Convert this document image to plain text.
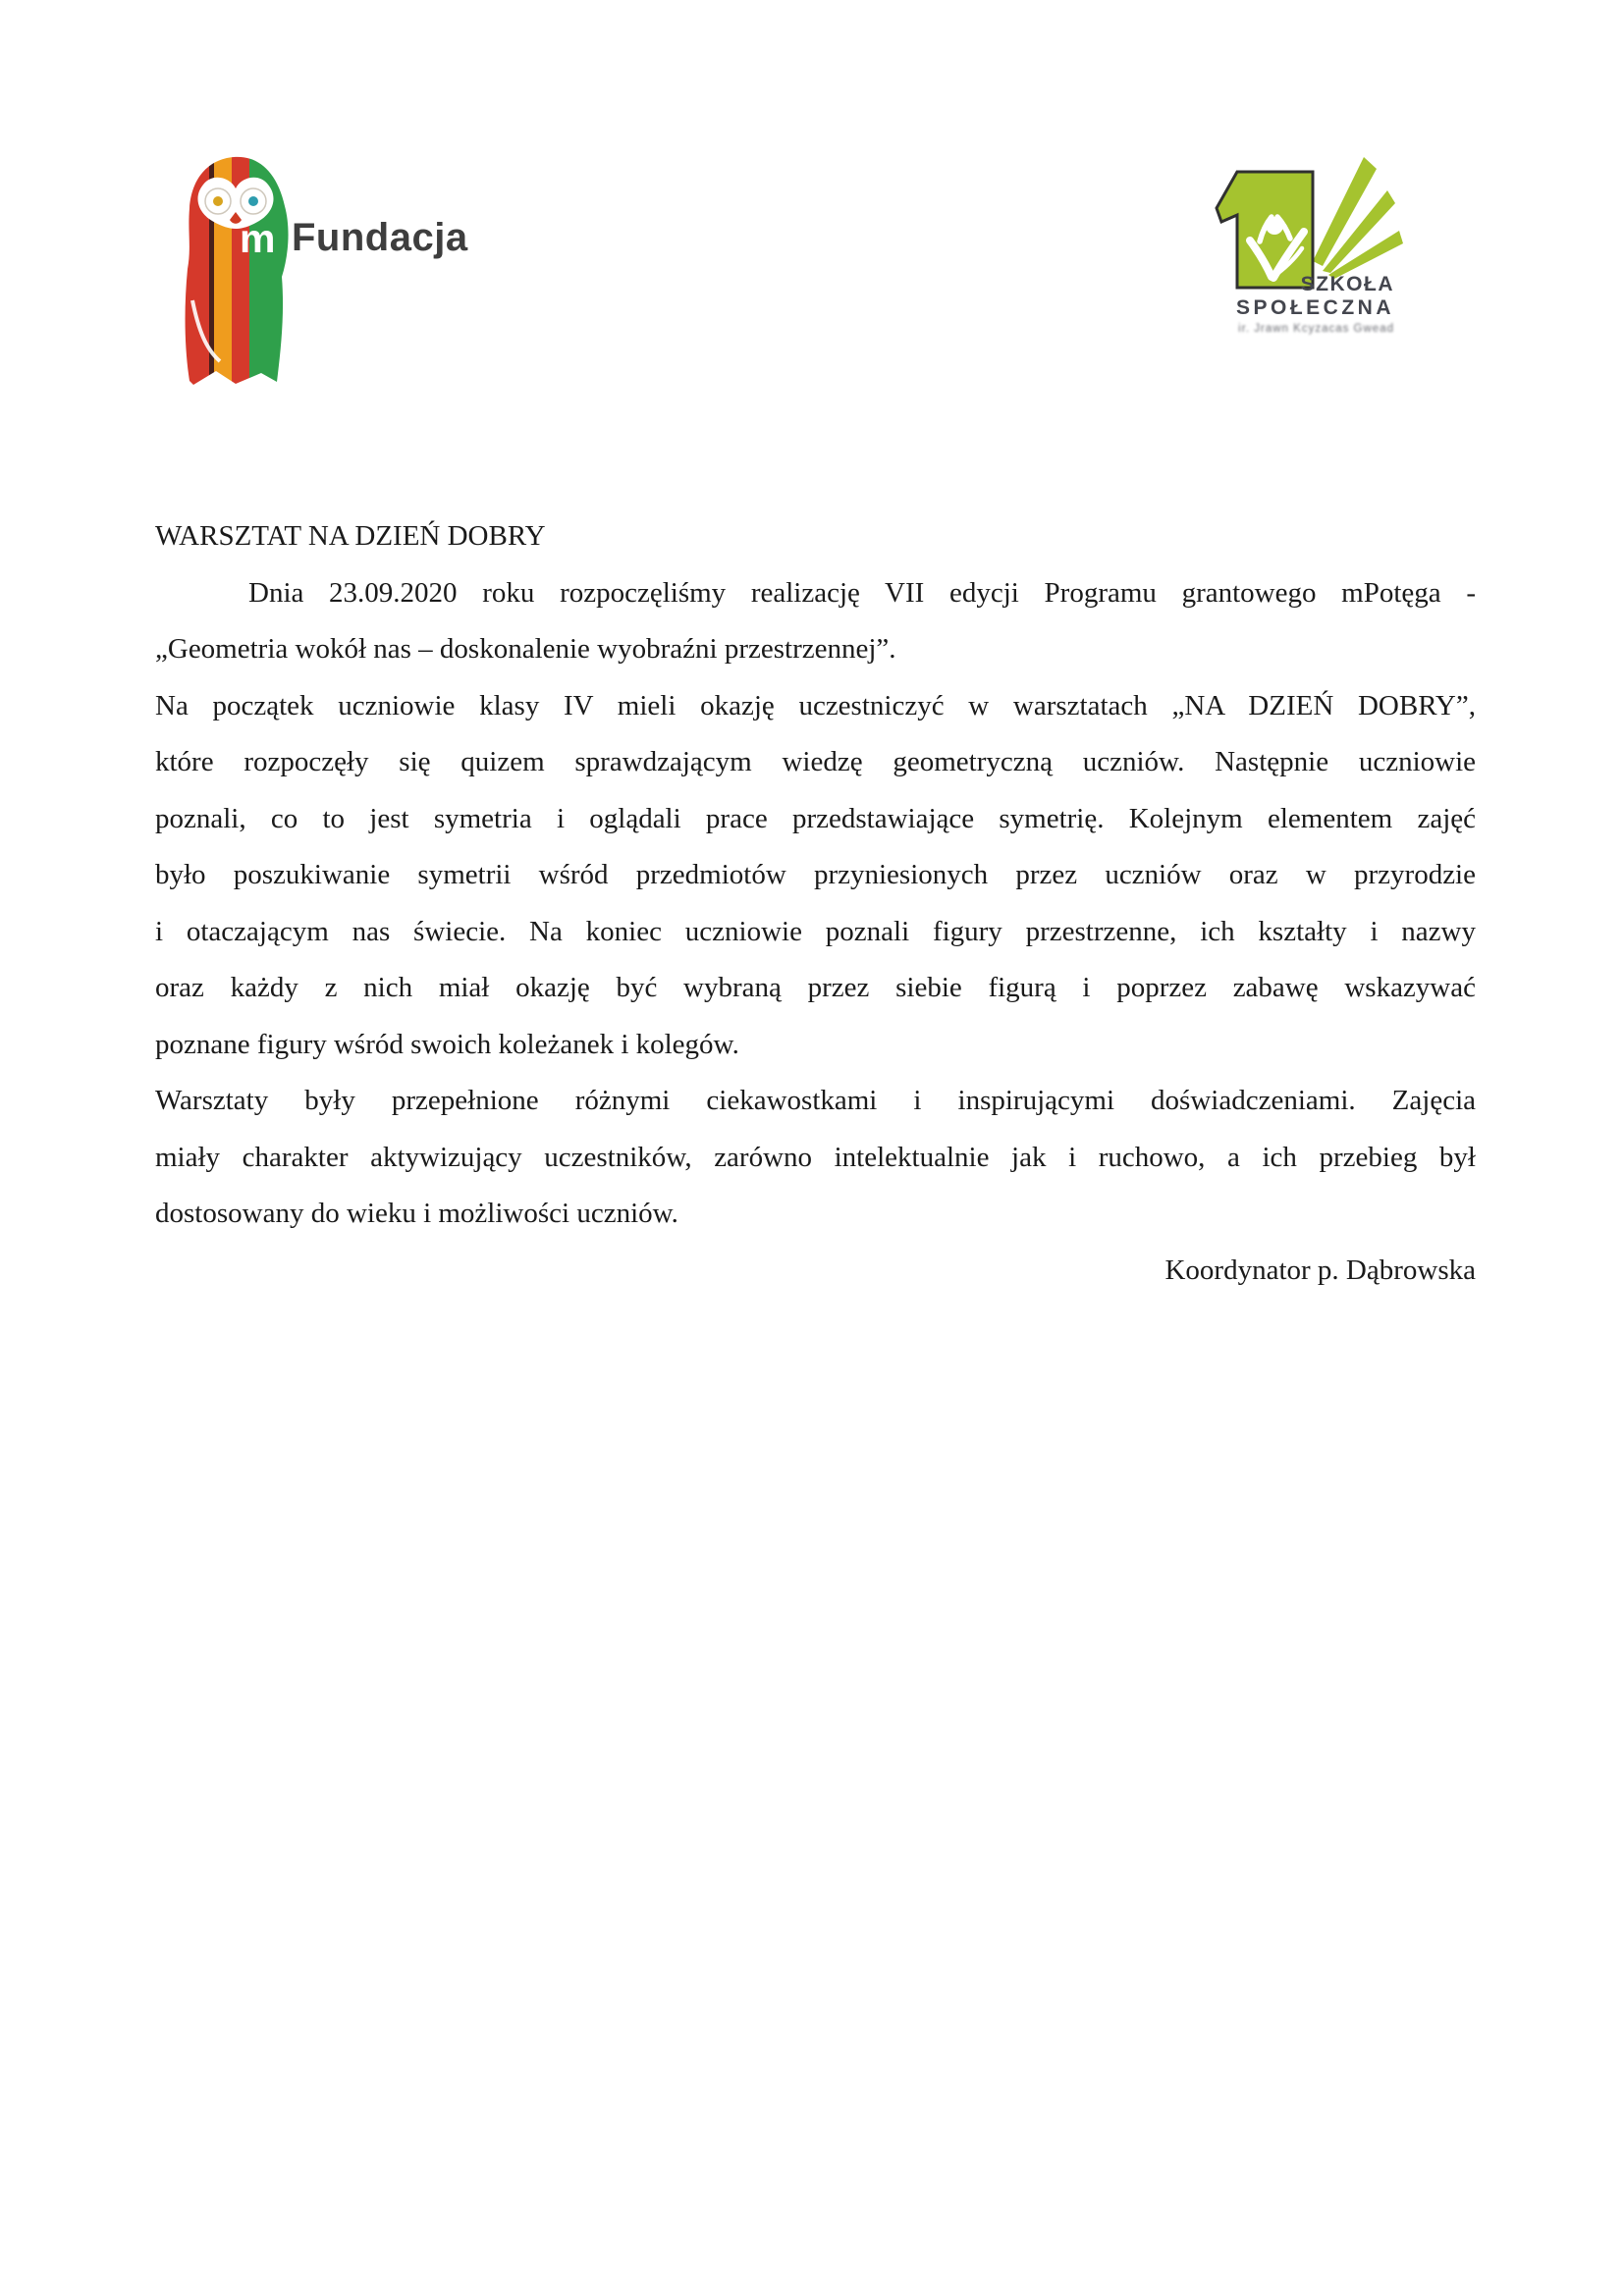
m Fundacja
SZKOŁA
SPOŁECZNA
ir. Jrawn Kcyzacas Gwead
WARSZTAT NA DZIEŃ DOBRY
Dnia 23.09.2020 roku rozpoczęliśmy realizację VII edycji Programu grantowego mPotęga -
„Geometria wokół nas – doskonalenie wyobraźni przestrzennej”.
Na początek uczniowie klasy IV mieli okazję uczestniczyć w warsztatach „NA DZIEŃ DOBRY”,
które rozpoczęły się quizem sprawdzającym wiedzę geometryczną uczniów. Następnie uczniowie
poznali, co to jest symetria i oglądali prace przedstawiające symetrię. Kolejnym elementem zajęć
było poszukiwanie symetrii wśród przedmiotów przyniesionych przez uczniów oraz w przyrodzie
i otaczającym nas świecie. Na koniec uczniowie poznali figury przestrzenne, ich kształty i nazwy
oraz każdy z nich miał okazję być wybraną przez siebie figurą i poprzez zabawę wskazywać
poznane figury wśród swoich koleżanek i kolegów.
Warsztaty były przepełnione różnymi ciekawostkami i inspirującymi doświadczeniami. Zajęcia
miały charakter aktywizujący uczestników, zarówno intelektualnie jak i ruchowo, a ich przebieg był
dostosowany do wieku i możliwości uczniów.
Koordynator p. Dąbrowska
